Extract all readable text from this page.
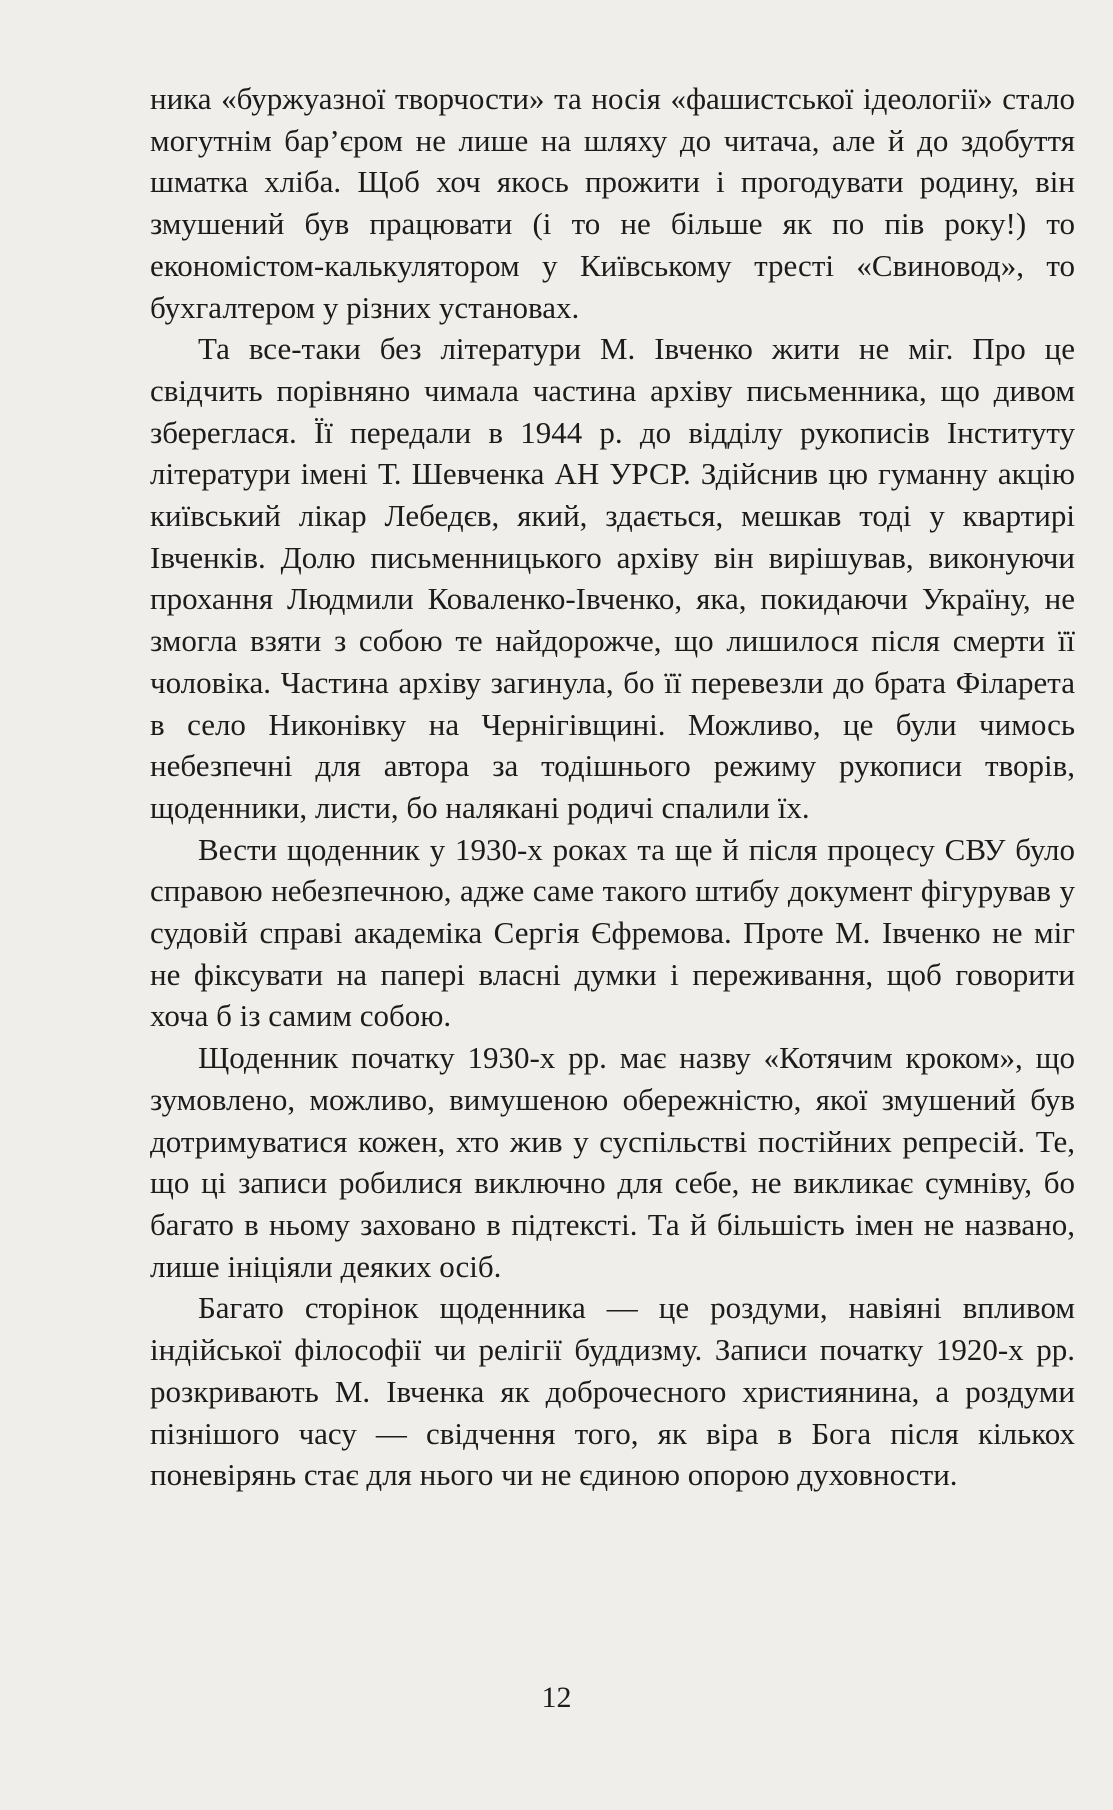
ника «буржуазної творчости» та носія «фашистської ідеології» стало могутнім бар’єром не лише на шляху до читача, але й до здобуття шматка хліба. Щоб хоч якось прожити і прогодувати родину, він змушений був працювати (і то не більше як по пів року!) то економістом-калькулятором у Київському тресті «Свиновод», то бухгалтером у різних установах.

Та все-таки без літератури М. Івченко жити не міг. Про це свідчить порівняно чимала частина архіву письменника, що дивом збереглася. Її передали в 1944 р. до відділу рукописів Інституту літератури імені Т. Шевченка АН УРСР. Здійснив цю гуманну акцію київський лікар Лебедєв, який, здається, мешкав тоді у квартирі Івченків. Долю письменницького архіву він вирішував, виконуючи прохання Людмили Коваленко-Івченко, яка, покидаючи Україну, не змогла взяти з собою те найдорожче, що лишилося після смерти її чоловіка. Частина архіву загинула, бо її перевезли до брата Філарета в село Никонівку на Чернігівщині. Можливо, це були чимось небезпечні для автора за тодішнього режиму рукописи творів, щоденники, листи, бо налякані родичі спалили їх.

Вести щоденник у 1930-х роках та ще й після процесу СВУ було справою небезпечною, адже саме такого штибу документ фігурував у судовій справі академіка Сергія Єфремова. Проте М. Івченко не міг не фіксувати на папері власні думки і переживання, щоб говорити хоча б із самим собою.

Щоденник початку 1930-х рр. має назву «Котячим кроком», що зумовлено, можливо, вимушеною обережністю, якої змушений був дотримуватися кожен, хто жив у суспільстві постійних репресій. Те, що ці записи робилися виключно для себе, не викликає сумніву, бо багато в ньому заховано в підтексті. Та й більшість імен не названо, лише ініціяли деяких осіб.

Багато сторінок щоденника — це роздуми, навіяні впливом індійської філософії чи релігії буддизму. Записи початку 1920-х рр. розкривають М. Івченка як доброчесного християнина, а роздуми пізнішого часу — свідчення того, як віра в Бога після кількох поневірянь стає для нього чи не єдиною опорою духовности.

12
